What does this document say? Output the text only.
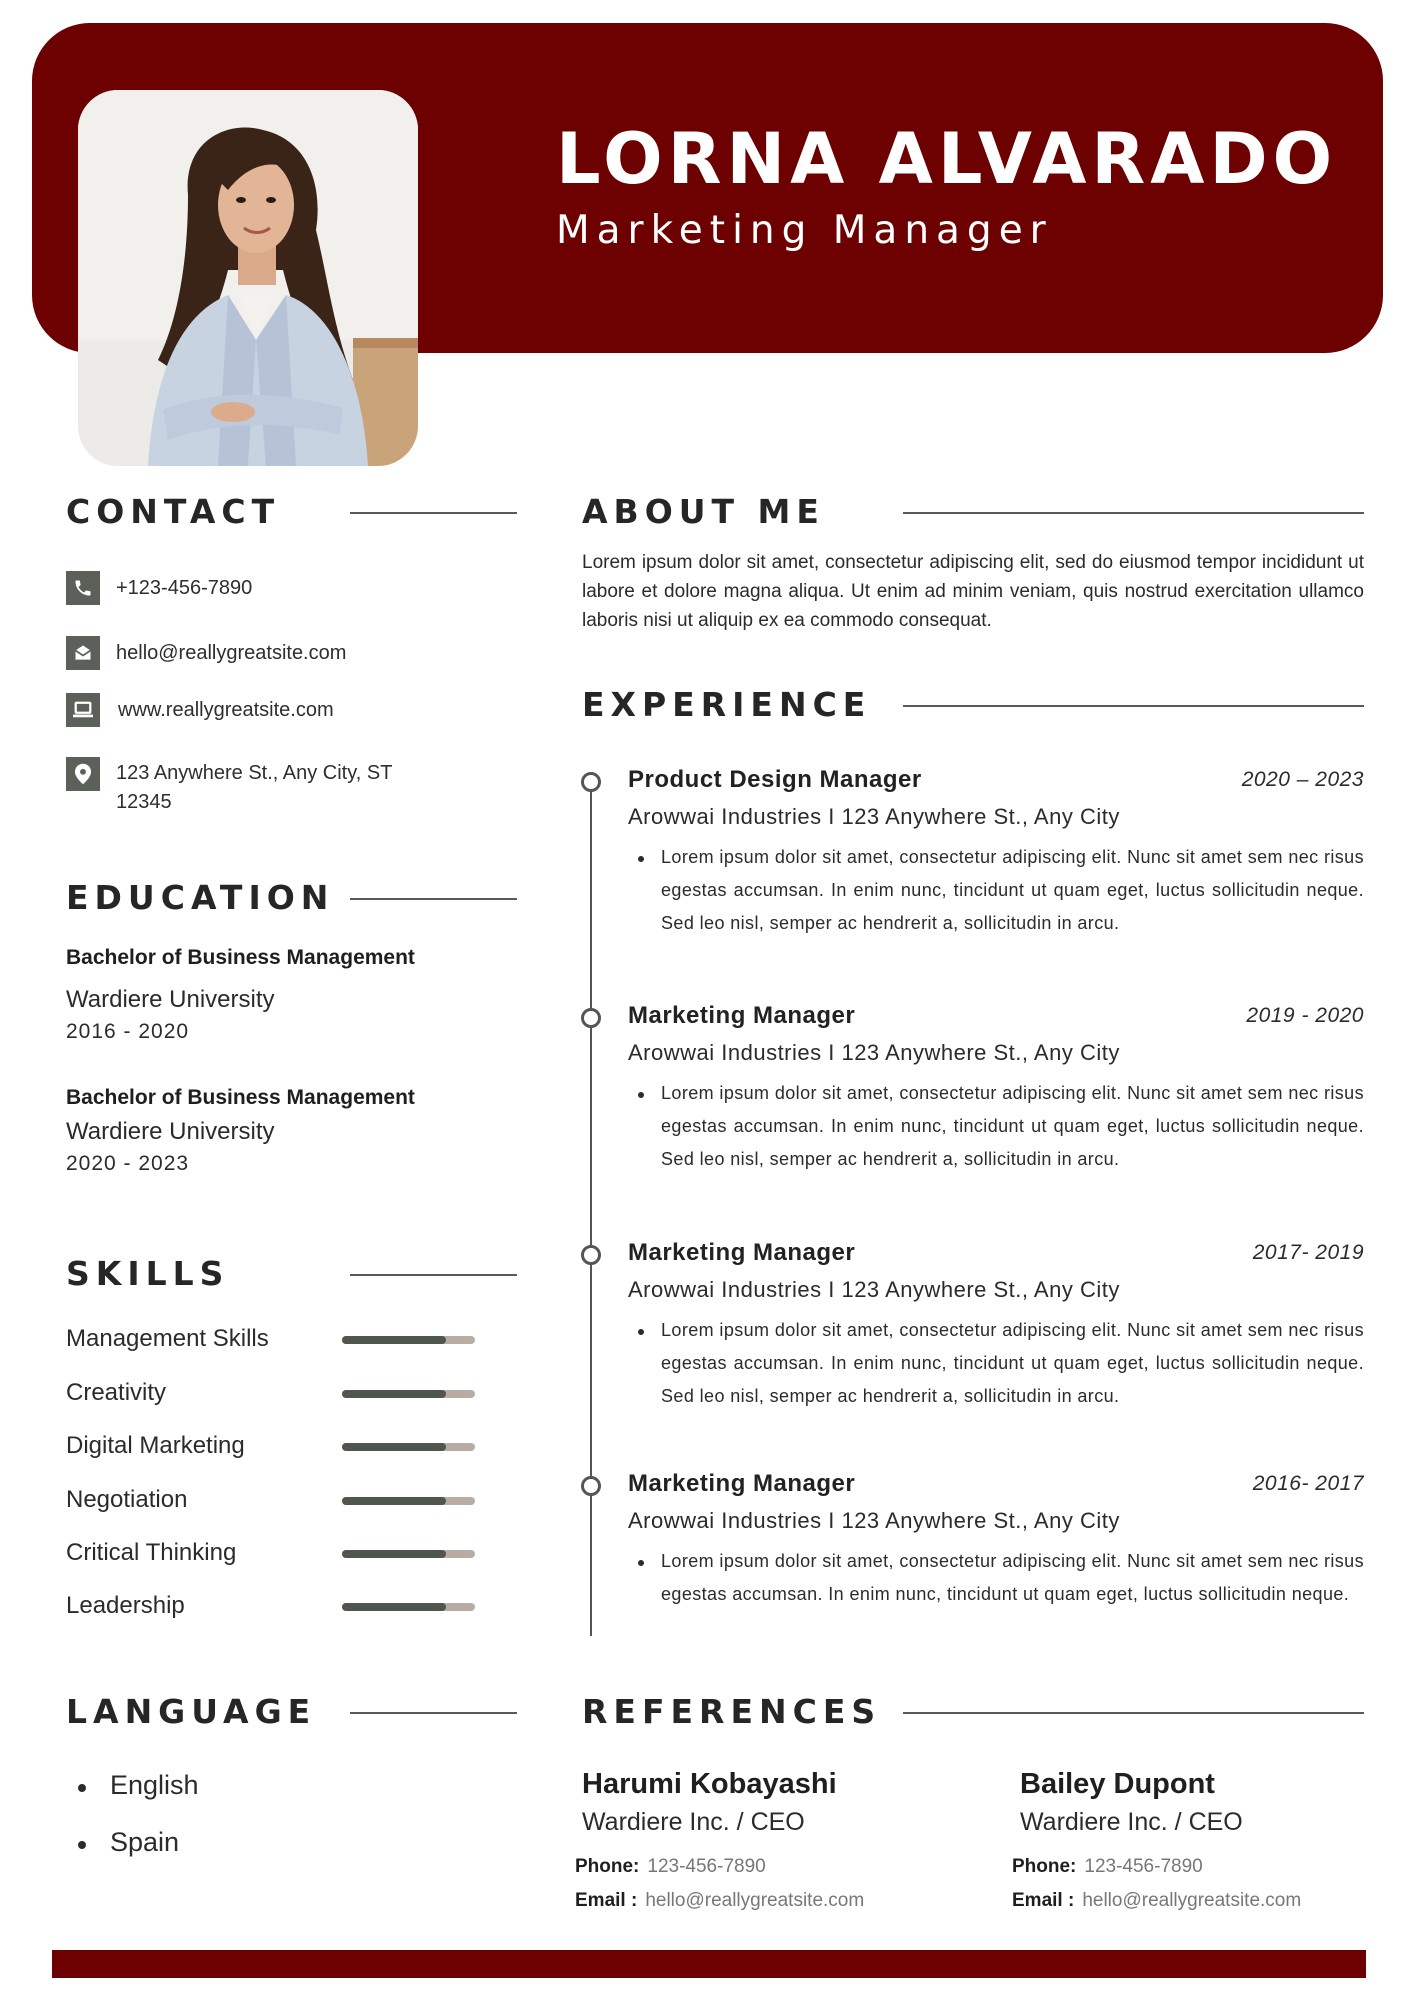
LORNA ALVARADO
Marketing Manager
CONTACT
+123-456-7890
hello@reallygreatsite.com
www.reallygreatsite.com
123 Anywhere St., Any City, ST
12345
EDUCATION
Bachelor of Business Management
Wardiere University
2016 - 2020
Bachelor of Business Management
Wardiere University
2020 - 2023
SKILLS
Management Skills
Creativity
Digital Marketing
Negotiation
Critical Thinking
Leadership
LANGUAGE
English
Spain
ABOUT ME
Lorem ipsum dolor sit amet, consectetur adipiscing elit, sed do eiusmod tempor incididunt ut labore et dolore magna aliqua. Ut enim ad minim veniam, quis nostrud exercitation ullamco laboris nisi ut aliquip ex ea commodo consequat.
EXPERIENCE
Product Design Manager	2020 – 2023
Arowwai Industries I 123 Anywhere St., Any City
Lorem ipsum dolor sit amet, consectetur adipiscing elit. Nunc sit amet sem nec risus egestas accumsan. In enim nunc, tincidunt ut quam eget, luctus sollicitudin neque. Sed leo nisl, semper ac hendrerit a, sollicitudin in arcu.
Marketing Manager	2019 - 2020
Arowwai Industries I 123 Anywhere St., Any City
Lorem ipsum dolor sit amet, consectetur adipiscing elit. Nunc sit amet sem nec risus egestas accumsan. In enim nunc, tincidunt ut quam eget, luctus sollicitudin neque. Sed leo nisl, semper ac hendrerit a, sollicitudin in arcu.
Marketing Manager	2017- 2019
Arowwai Industries I 123 Anywhere St., Any City
Lorem ipsum dolor sit amet, consectetur adipiscing elit. Nunc sit amet sem nec risus egestas accumsan. In enim nunc, tincidunt ut quam eget, luctus sollicitudin neque. Sed leo nisl, semper ac hendrerit a, sollicitudin in arcu.
Marketing Manager	2016- 2017
Arowwai Industries I 123 Anywhere St., Any City
Lorem ipsum dolor sit amet, consectetur adipiscing elit. Nunc sit amet sem nec risus egestas accumsan. In enim nunc, tincidunt ut quam eget, luctus sollicitudin neque.
REFERENCES
Harumi Kobayashi
Wardiere Inc. / CEO
Phone: 123-456-7890
Email : hello@reallygreatsite.com
Bailey Dupont
Wardiere Inc. / CEO
Phone: 123-456-7890
Email : hello@reallygreatsite.com
